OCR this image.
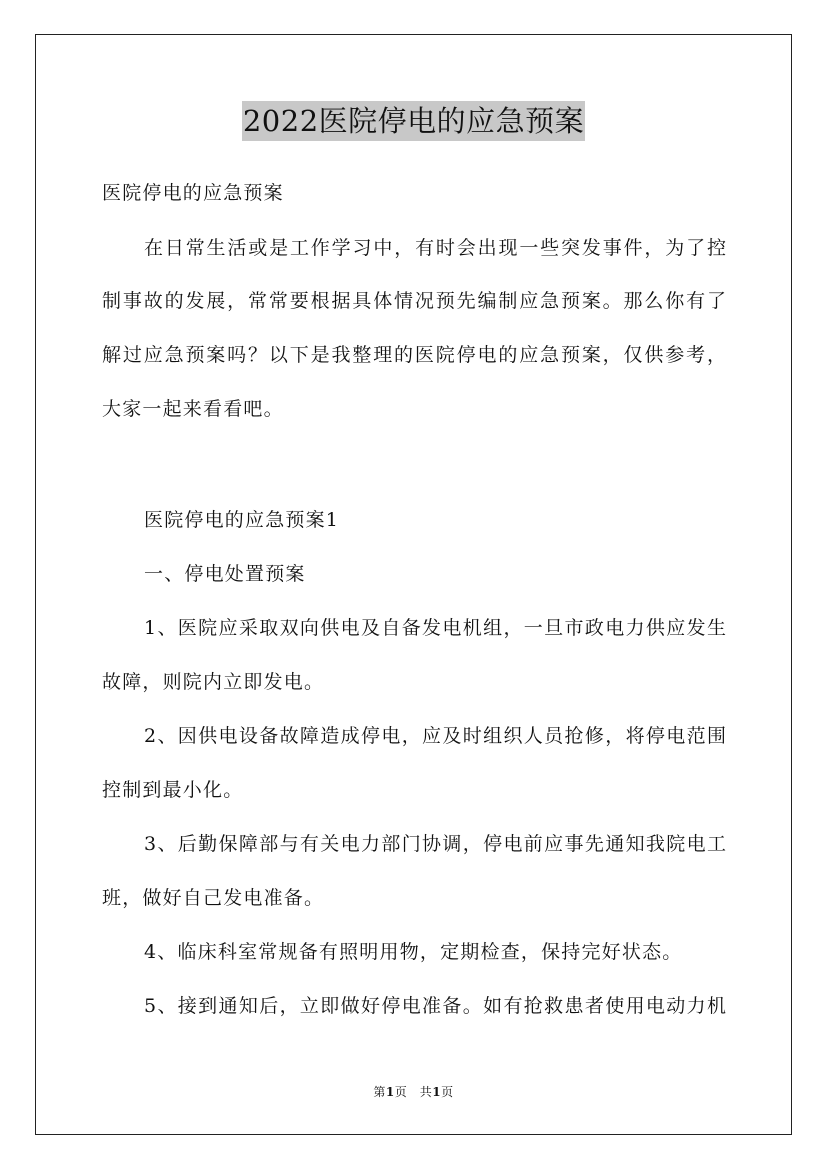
2022医院停电的应急预案
医院停电的应急预案
在日常生活或是工作学习中，有时会出现一些突发事件，为了控
制事故的发展，常常要根据具体情况预先编制应急预案。那么你有了
解过应急预案吗？以下是我整理的医院停电的应急预案，仅供参考，
大家一起来看看吧。
医院停电的应急预案1
一、停电处置预案
1、医院应采取双向供电及自备发电机组，一旦市政电力供应发生
故障，则院内立即发电。
2、因供电设备故障造成停电，应及时组织人员抢修，将停电范围
控制到最小化。
3、后勤保障部与有关电力部门协调，停电前应事先通知我院电工
班，做好自己发电准备。
4、临床科室常规备有照明用物，定期检查，保持完好状态。
5、接到通知后，立即做好停电准备。如有抢救患者使用电动力机
第1页　共1页
